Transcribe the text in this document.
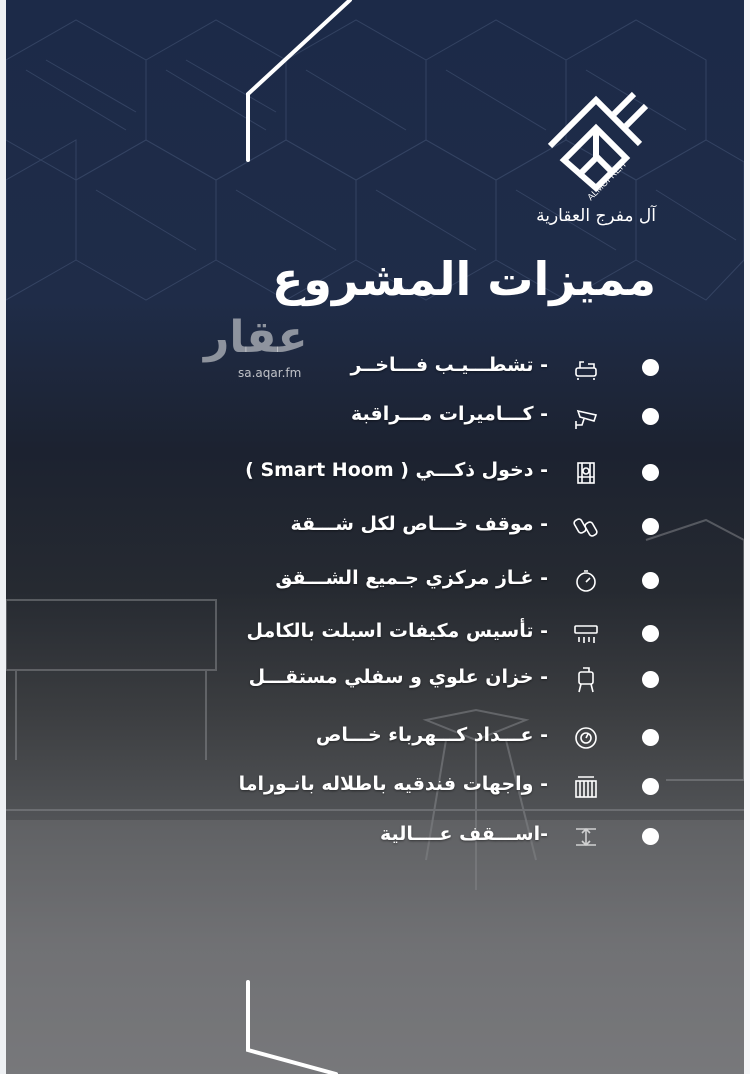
ALMOFREH
آل مفرج العقارية
مميزات المشروع
عقار
sa.aqar.fm	- تشطـــيـب فـــاخــر
- كـــاميرات مـــراقبة
- دخول ذكـــي ( Smart Hoom )
- موقف خـــاص لكل شـــقة
- غـاز مركزي جـميع الشـــقق
- تأسيس مكيفات اسبلت بالكامل
- خزان علوي و سفلي مستقـــل
- عـــداد كـــهرباء خـــاص
- واجهات فندقيه باطلاله بانـوراما
-اســـقف عــــالية
